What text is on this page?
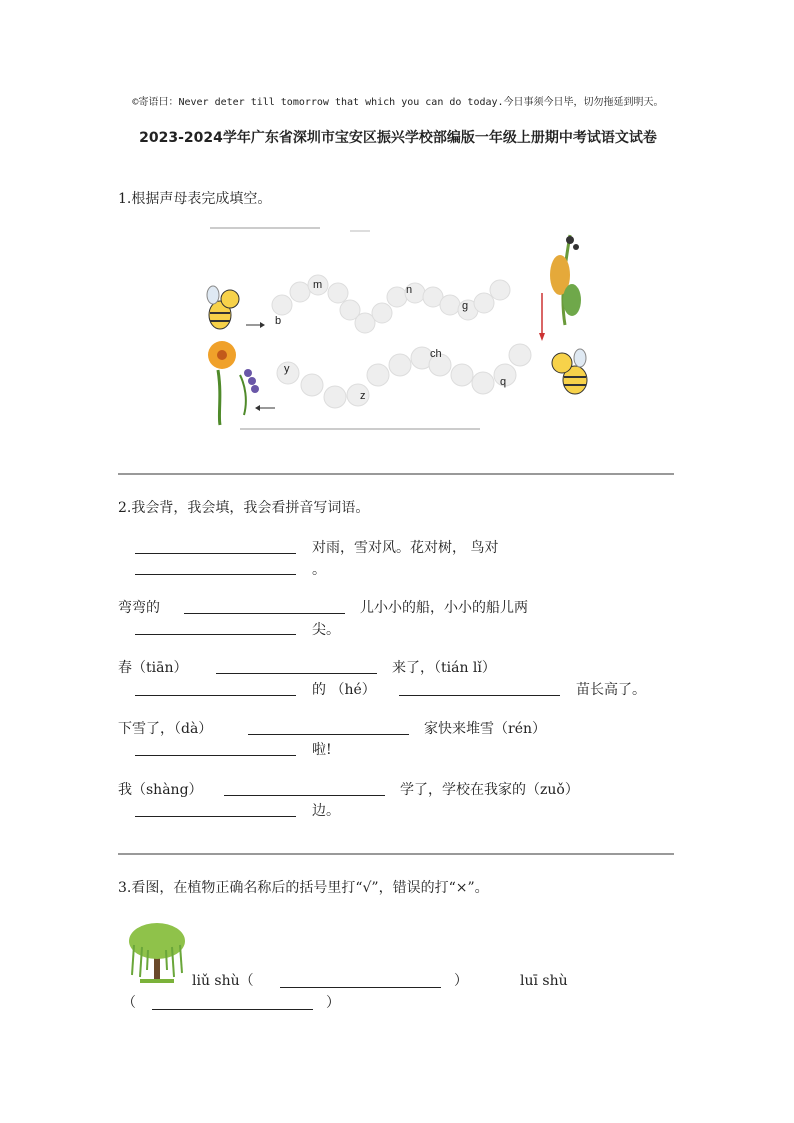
©寄语曰：Never deter till tomorrow that which you can do today.今日事须今日毕，切勿拖延到明天。
2023-2024学年广东省深圳市宝安区振兴学校部编版一年级上册期中考试语文试卷
1.根据声母表完成填空。
b
m	n
g
y
ch
z
q
2.我会背，我会填，我会看拼音写词语。
对雨，雪对风。花对树， 鸟对
。
弯弯的	儿小小的船，小小的船儿两
尖。
春（tiān）	来了，（tián lǐ）
的 （hé）	苗长高了。
下雪了，（dà）	家快来堆雪（rén）
啦!
我（shàng）	学了，学校在我家的（zuǒ）
边。
3.看图，在植物正确名称后的括号里打“√”，错误的打“×”。
liǔ shù（	）	luī shù
（	）
